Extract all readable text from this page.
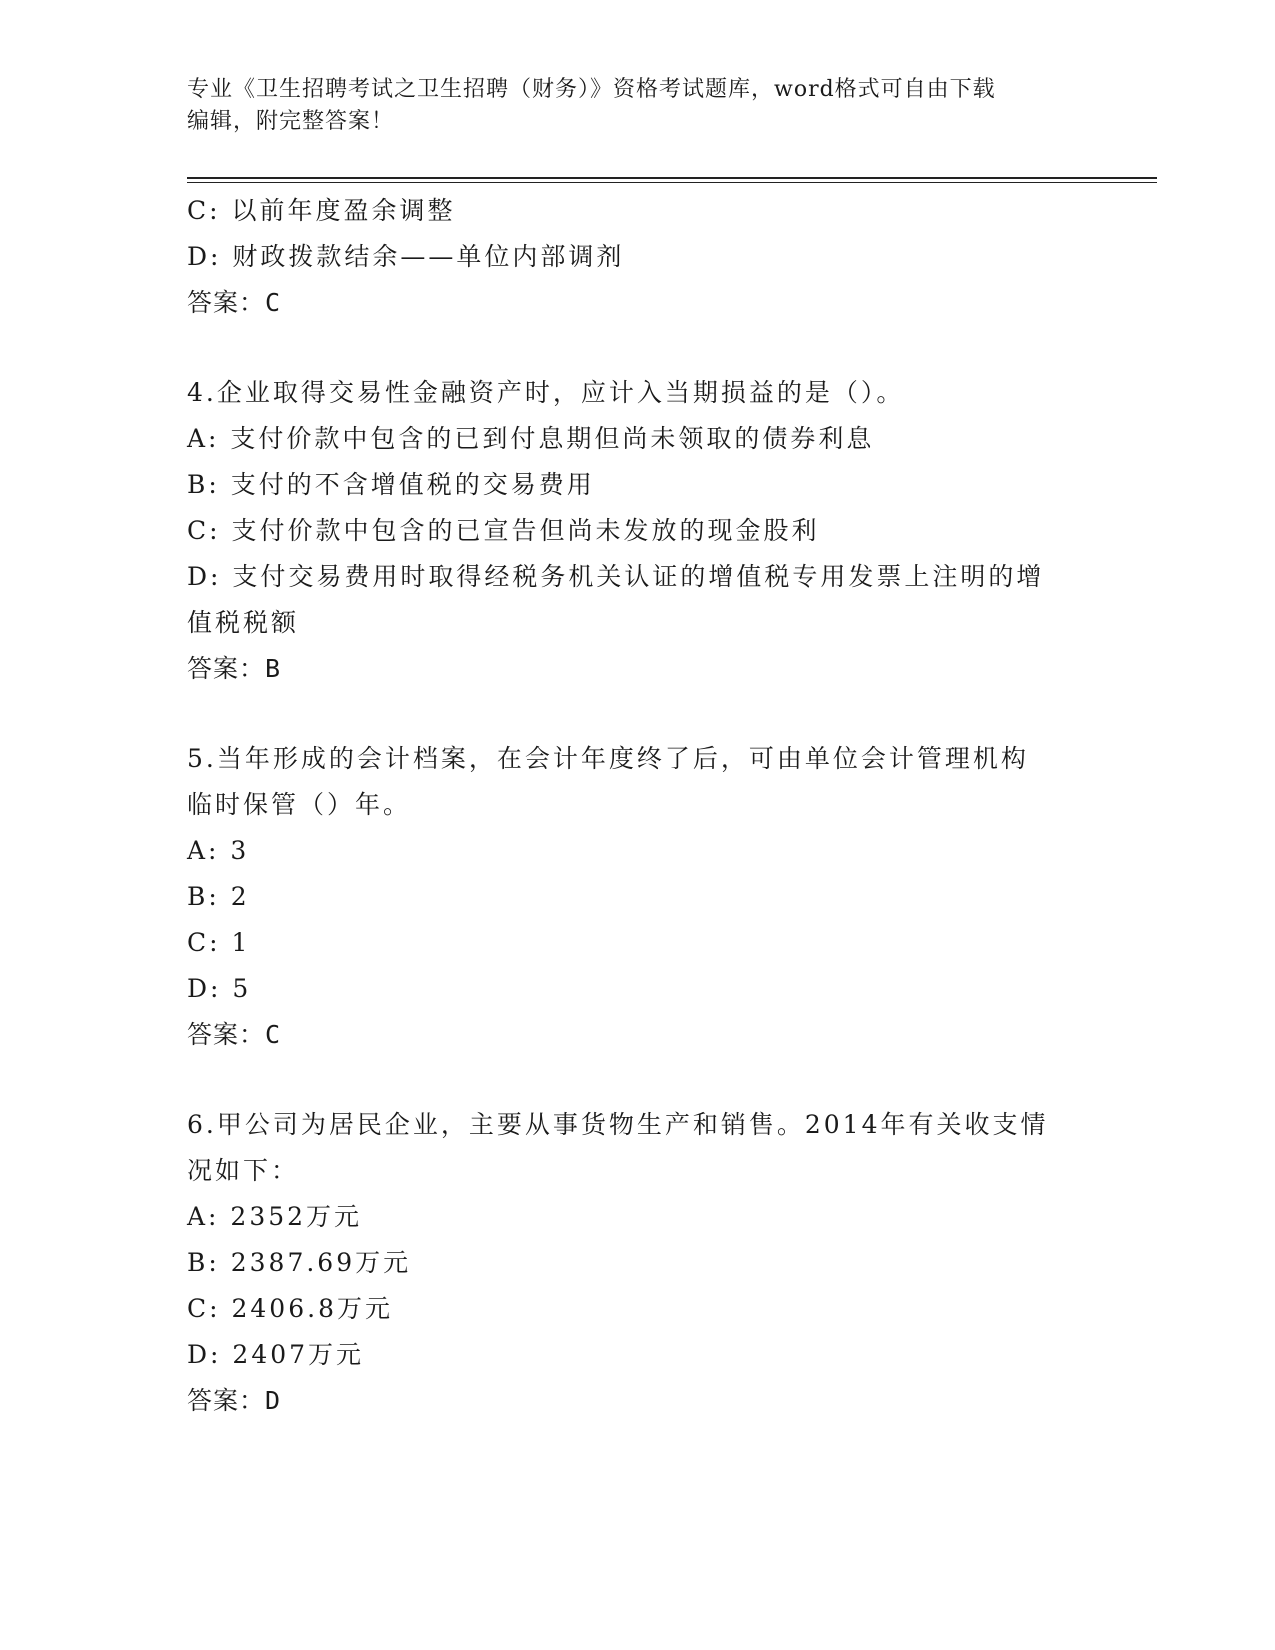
专业《卫生招聘考试之卫生招聘（财务）》资格考试题库，word格式可自由下载
编辑，附完整答案！
C: 以前年度盈余调整
D: 财政拨款结余——单位内部调剂
答案：C
4.企业取得交易性金融资产时，应计入当期损益的是（）。
A: 支付价款中包含的已到付息期但尚未领取的债券利息
B: 支付的不含增值税的交易费用
C: 支付价款中包含的已宣告但尚未发放的现金股利
D: 支付交易费用时取得经税务机关认证的增值税专用发票上注明的增
值税税额
答案：B
5.当年形成的会计档案，在会计年度终了后，可由单位会计管理机构
临时保管（）年。
A: 3
B: 2
C: 1
D: 5
答案：C
6.甲公司为居民企业，主要从事货物生产和销售。2014年有关收支情
况如下：
A: 2352万元
B: 2387.69万元
C: 2406.8万元
D: 2407万元
答案：D
